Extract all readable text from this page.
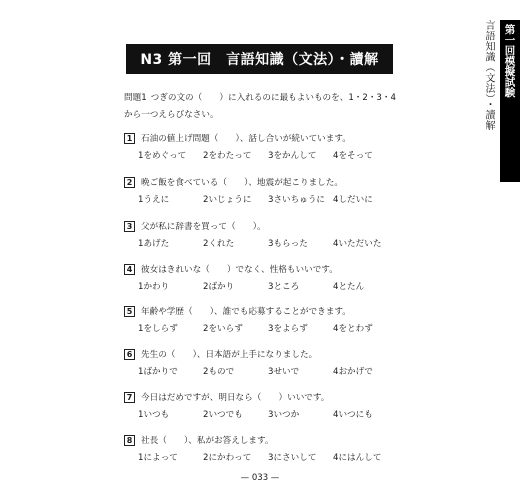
第一回模擬試験
言語知識（文法）・讀解
N3 第一回　言語知識（文法）・讀解
問題1 つぎの文の（　　）に入れるのに最もよいものを、1・2・3・4から一つえらびなさい。
1	石油の値上げ問題（　　）、話し合いが続いています。
1をめぐって	2をわたって	3をかんして	4をそって
2	晩ご飯を食べている（　　）、地震が起こりました。
1うえに	2いじょうに	3さいちゅうに 4しだいに
3	父が私に辞書を買って（　　）。
1あげた	2くれた	3もらった	4いただいた
4	彼女はきれいな（　　）でなく、性格もいいです。
1かわり	2ばかり	3ところ	4とたん
5	年齢や学歴（　　）、誰でも応募することができます。
1をしらず	2をいらず	3をよらず	4をとわず
6	先生の（　　）、日本語が上手になりました。
1ばかりで	2もので	3せいで	4おかげで
7	今日はだめですが、明日なら（　　）いいです。
1いつも	2いつでも	3いつか	4いつにも
8	社長（　　）、私がお答えします。
1によって	2にかわって	3にさいして	4にはんして
— 033 —
